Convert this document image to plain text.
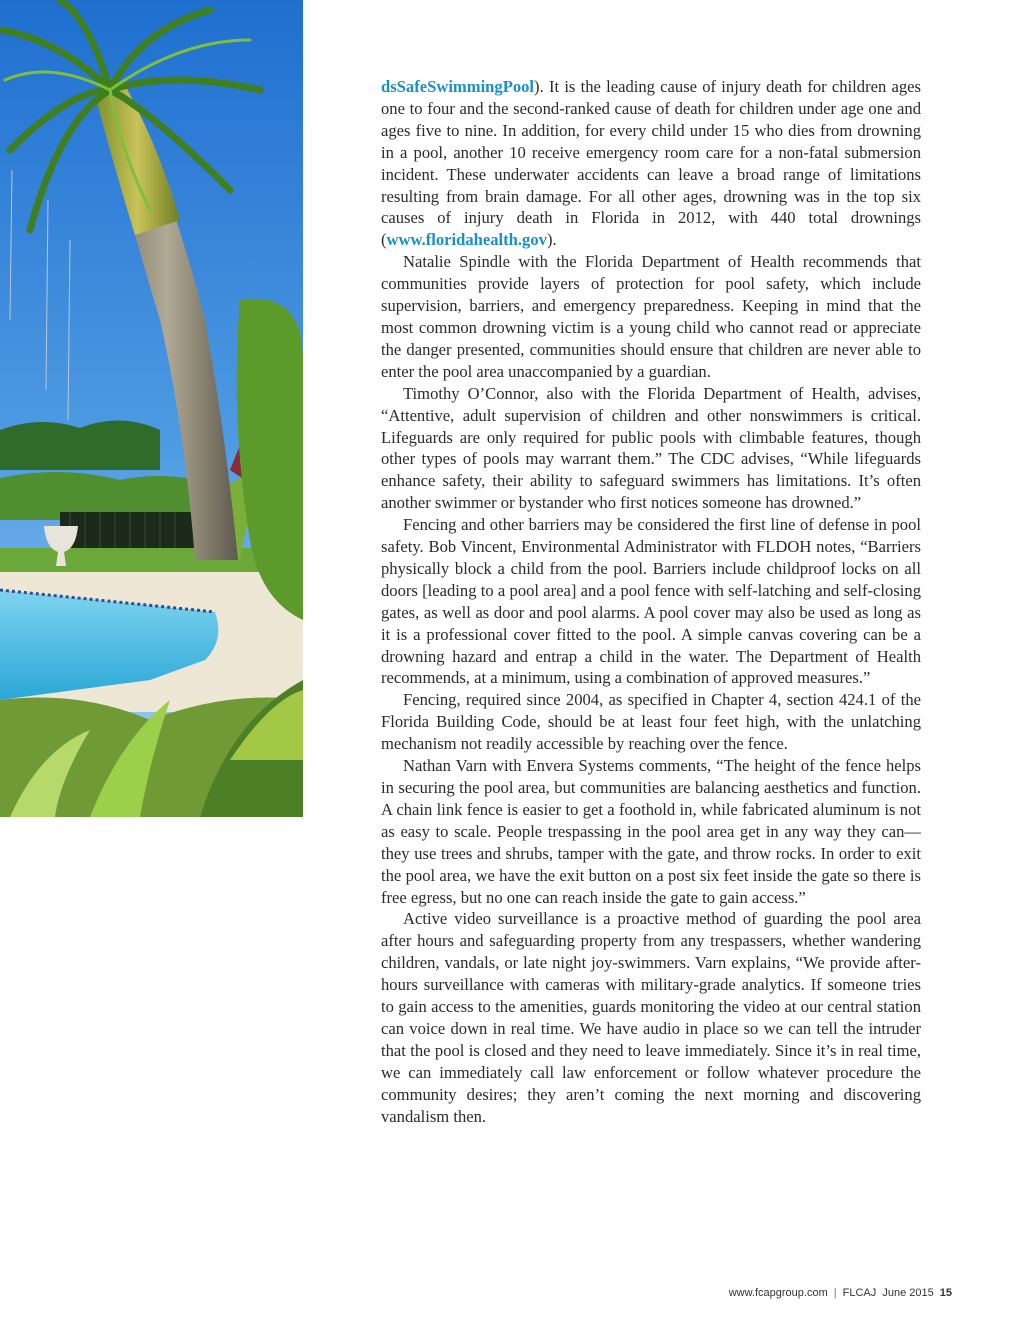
dsSafeSwimmingPool). It is the leading cause of injury death for children ages one to four and the second-ranked cause of death for children under age one and ages five to nine. In addition, for every child under 15 who dies from drowning in a pool, another 10 receive emergency room care for a non-fatal submersion incident. These underwater accidents can leave a broad range of limitations resulting from brain damage. For all other ages, drowning was in the top six causes of injury death in Florida in 2012, with 440 total drownings (www.floridahealth.gov).

Natalie Spindle with the Florida Department of Health recommends that communities provide layers of protection for pool safety, which include supervision, barriers, and emergency preparedness. Keeping in mind that the most common drowning victim is a young child who cannot read or appreciate the danger presented, communities should ensure that children are never able to enter the pool area unaccompanied by a guardian.

Timothy O’Connor, also with the Florida Department of Health, advises, “Attentive, adult supervision of children and other nonswimmers is critical. Lifeguards are only required for public pools with climbable features, though other types of pools may warrant them.” The CDC advises, “While lifeguards enhance safety, their ability to safeguard swimmers has limitations. It’s often another swimmer or bystander who first notices someone has drowned.”

Fencing and other barriers may be considered the first line of defense in pool safety. Bob Vincent, Environmental Administrator with FLDOH notes, “Barriers physically block a child from the pool. Barriers include childproof locks on all doors [leading to a pool area] and a pool fence with self-latching and self-closing gates, as well as door and pool alarms. A pool cover may also be used as long as it is a professional cover fitted to the pool. A simple canvas covering can be a drowning hazard and entrap a child in the water. The Department of Health recommends, at a minimum, using a combination of approved measures.”

Fencing, required since 2004, as specified in Chapter 4, section 424.1 of the Florida Building Code, should be at least four feet high, with the unlatching mechanism not readily accessible by reaching over the fence.

Nathan Varn with Envera Systems comments, “The height of the fence helps in securing the pool area, but communities are balancing aesthetics and function. A chain link fence is easier to get a foothold in, while fabricated aluminum is not as easy to scale. People trespassing in the pool area get in any way they can—they use trees and shrubs, tamper with the gate, and throw rocks. In order to exit the pool area, we have the exit button on a post six feet inside the gate so there is free egress, but no one can reach inside the gate to gain access.”

Active video surveillance is a proactive method of guarding the pool area after hours and safeguarding property from any trespassers, whether wandering children, vandals, or late night joy-swimmers. Varn explains, “We provide after-hours surveillance with cameras with military-grade analytics. If someone tries to gain access to the amenities, guards monitoring the video at our central station can voice down in real time. We have audio in place so we can tell the intruder that the pool is closed and they need to leave immediately. Since it’s in real time, we can immediately call law enforcement or follow whatever procedure the community desires; they aren’t coming the next morning and discovering vandalism then.

www.fcapgroup.com | FLCAJ June 2015 15
